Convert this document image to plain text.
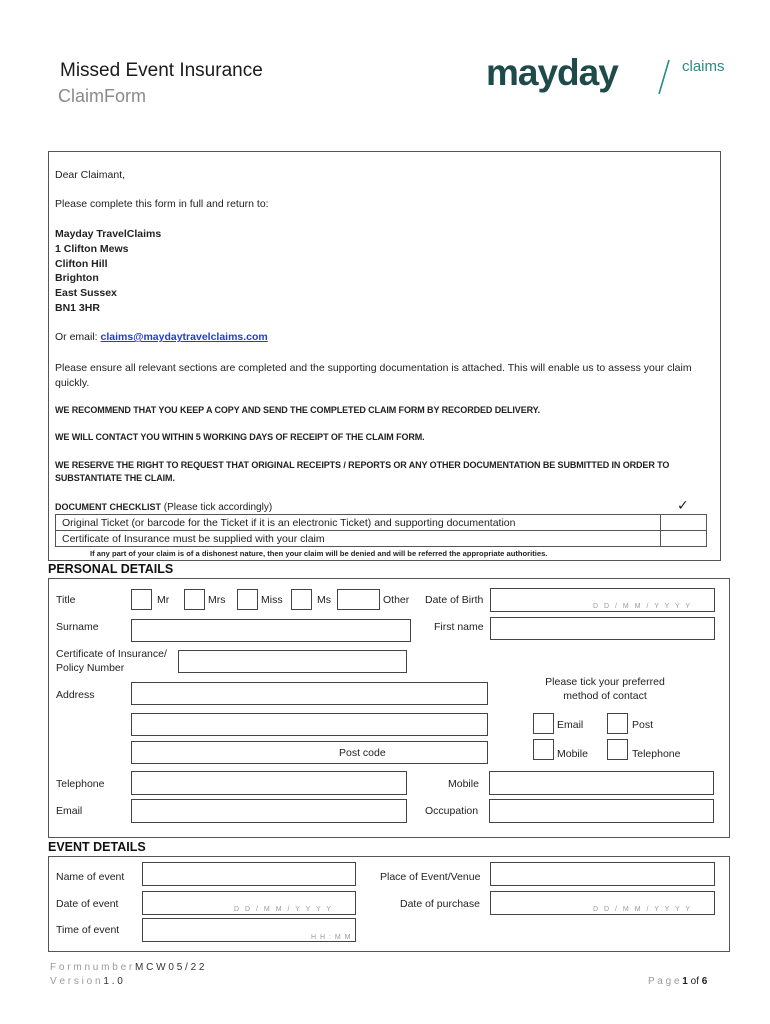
Missed Event Insurance
ClaimForm
mayday	claims
Dear Claimant,
Please complete this form in full and return to:
Mayday TravelClaims
1 Clifton Mews
Clifton Hill
Brighton
East Sussex
BN1 3HR
Or email: claims@maydaytravelclaims.com
Please ensure all relevant sections are completed and the supporting documentation is attached. This will enable us to assess your claim quickly.
WE RECOMMEND THAT YOU KEEP A COPY AND SEND THE COMPLETED CLAIM FORM BY RECORDED DELIVERY.
WE WILL CONTACT YOU WITHIN 5 WORKING DAYS OF RECEIPT OF THE CLAIM FORM.
WE RESERVE THE RIGHT TO REQUEST THAT ORIGINAL RECEIPTS / REPORTS OR ANY OTHER DOCUMENTATION BE SUBMITTED IN ORDER TO SUBSTANTIATE THE CLAIM.
DOCUMENT CHECKLIST (Please tick accordingly)	✓
Original Ticket (or barcode for the Ticket if it is an electronic Ticket) and supporting documentation
Certificate of Insurance must be supplied with your claim
If any part of your claim is of a dishonest nature, then your claim will be denied and will be referred the appropriate authorities.
PERSONAL DETAILS
Title	Mr	Mrs	Miss	Ms	Other Date of Birth
D D / M M / Y Y Y Y
Surname	First name
Certificate of Insurance/
Policy Number
Address
Post code
Please tick your preferred
method of contact
Email	Post
Mobile	Telephone
Telephone	Mobile
Email	Occupation
EVENT DETAILS
Name of event	Place of Event/Venue
Date of event	D D / M M / Y Y Y Y	Date of purchase	D D / M M / Y Y Y Y
Time of event
H H : M M
F o r m n u m b e r M C W 0 5 / 2 2
V e r s i o n 1 . 0	P a g e 1 of 6
